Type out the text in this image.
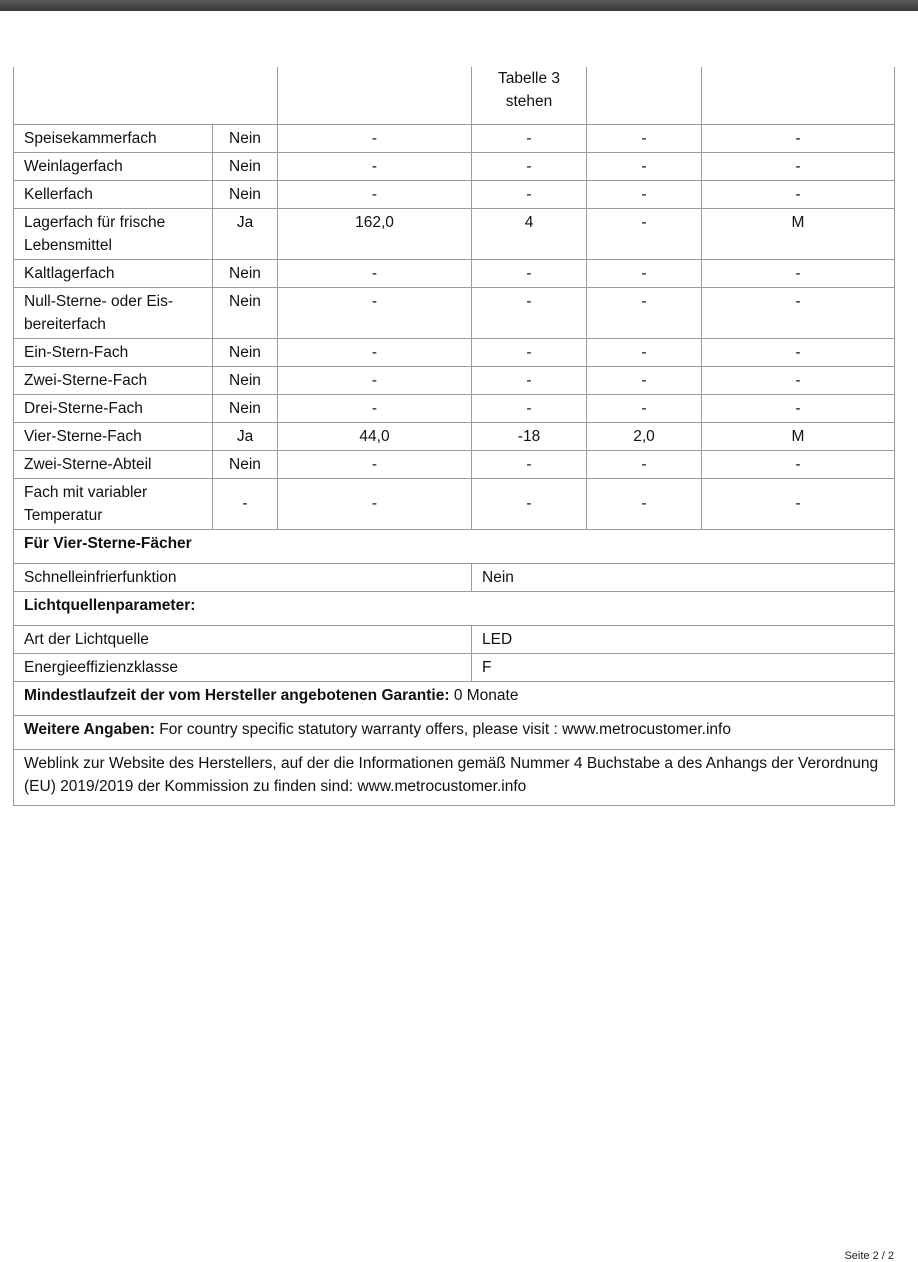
			Tabelle 3
stehen		
Speisekammerfach	Nein	-	-	-	-
Weinlagerfach	Nein	-	-	-	-
Kellerfach	Nein	-	-	-	-
Lagerfach für frische Lebensmittel	Ja	162,0	4	-	M
Kaltlagerfach	Nein	-	-	-	-
Null-Sterne- oder Eis-bereiterfach	Nein	-	-	-	-
Ein-Stern-Fach	Nein	-	-	-	-
Zwei-Sterne-Fach	Nein	-	-	-	-
Drei-Sterne-Fach	Nein	-	-	-	-
Vier-Sterne-Fach	Ja	44,0	-18	2,0	M
Zwei-Sterne-Abteil	Nein	-	-	-	-
Fach mit variabler Temperatur	-	-	-	-	-
Für Vier-Sterne-Fächer					
Schnelleinfrierfunktion			Nein		
Lichtquellenparameter:					
Art der Lichtquelle			LED		
Energieeffizienzklasse			F		
Mindestlaufzeit der vom Hersteller angebotenen Garantie: 0 Monate					
Weitere Angaben: For country specific statutory warranty offers, please visit : www.metrocustomer.info					
Weblink zur Website des Herstellers, auf der die Informationen gemäß Nummer 4 Buchstabe a des Anhangs der Verordnung (EU) 2019/2019 der Kommission zu finden sind: www.metrocustomer.info					
Seite 2 / 2
